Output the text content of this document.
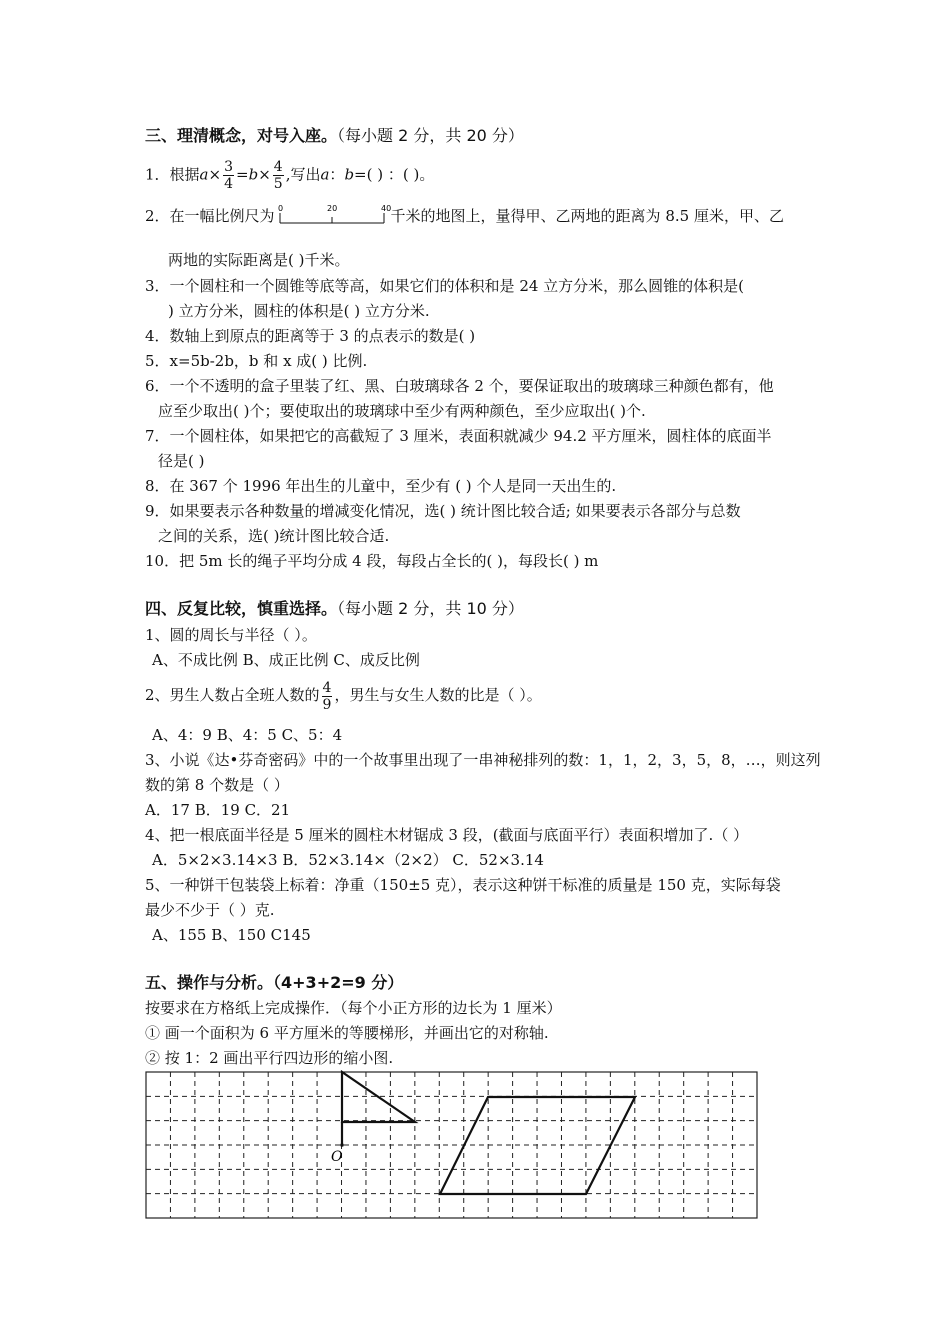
三、理清概念，对号入座。（每小题 2 分，共 20 分）
1．根据$a\times \frac{3}{4} =b\times \frac{4}{5}$ ,写出a：b=( ) ：( )。
2．在一幅比例尺为 0	20	40 千米的地图上，量得甲、乙两地的距离为 8.5 厘米，甲、乙
两地的实际距离是( )千米。
3．一个圆柱和一个圆锥等底等高，如果它们的体积和是 24 立方分米，那么圆锥的体积是(
) 立方分米，圆柱的体积是( ) 立方分米.
4．数轴上到原点的距离等于 3 的点表示的数是( )
5．x=5b-2b，b 和 x 成( ) 比例.
6．一个不透明的盒子里装了红、黑、白玻璃球各 2 个，要保证取出的玻璃球三种颜色都有，他
应至少取出( )个；要使取出的玻璃球中至少有两种颜色，至少应取出( )个.
7．一个圆柱体，如果把它的高截短了 3 厘米，表面积就减少 94.2 平方厘米，圆柱体的底面半
径是( )
8．在 367 个 1996 年出生的儿童中，至少有 ( ) 个人是同一天出生的.
9．如果要表示各种数量的增减变化情况，选( ) 统计图比较合适; 如果要表示各部分与总数
之间的关系，选( )统计图比较合适.
10．把 5m 长的绳子平均分成 4 段，每段占全长的( )，每段长( ) m
四、反复比较，慎重选择。（每小题 2 分，共 10 分）
1、圆的周长与半径（ ）。
A、不成比例 B、成正比例 C、成反比例
2、男生人数占全班人数的 $\frac{4}{9}$ ，男生与女生人数的比是（ ）。
A、4：9 B、4：5 C、5：4
3、小说《达•芬奇密码》中的一个故事里出现了一串神秘排列的数：1，1，2，3，5，8，…，则这列
数的第 8 个数是（ ）
A．17 B．19 C．21
4、把一根底面半径是 5 厘米的圆柱木材锯成 3 段，(截面与底面平行）表面积增加了.（ ）
A．5×2×3.14×3 B．52×3.14×（2×2） C．52×3.14
5、一种饼干包装袋上标着：净重（150±5 克），表示这种饼干标准的质量是 150 克，实际每袋
最少不少于（ ）克.
A、155 B、150 C145
五、操作与分析。（4+3+2=9 分）
按要求在方格纸上完成操作．（每个小正方形的边长为 1 厘米）
① 画一个面积为 6 平方厘米的等腰梯形，并画出它的对称轴.
② 按 1：2 画出平行四边形的缩小图.
O
